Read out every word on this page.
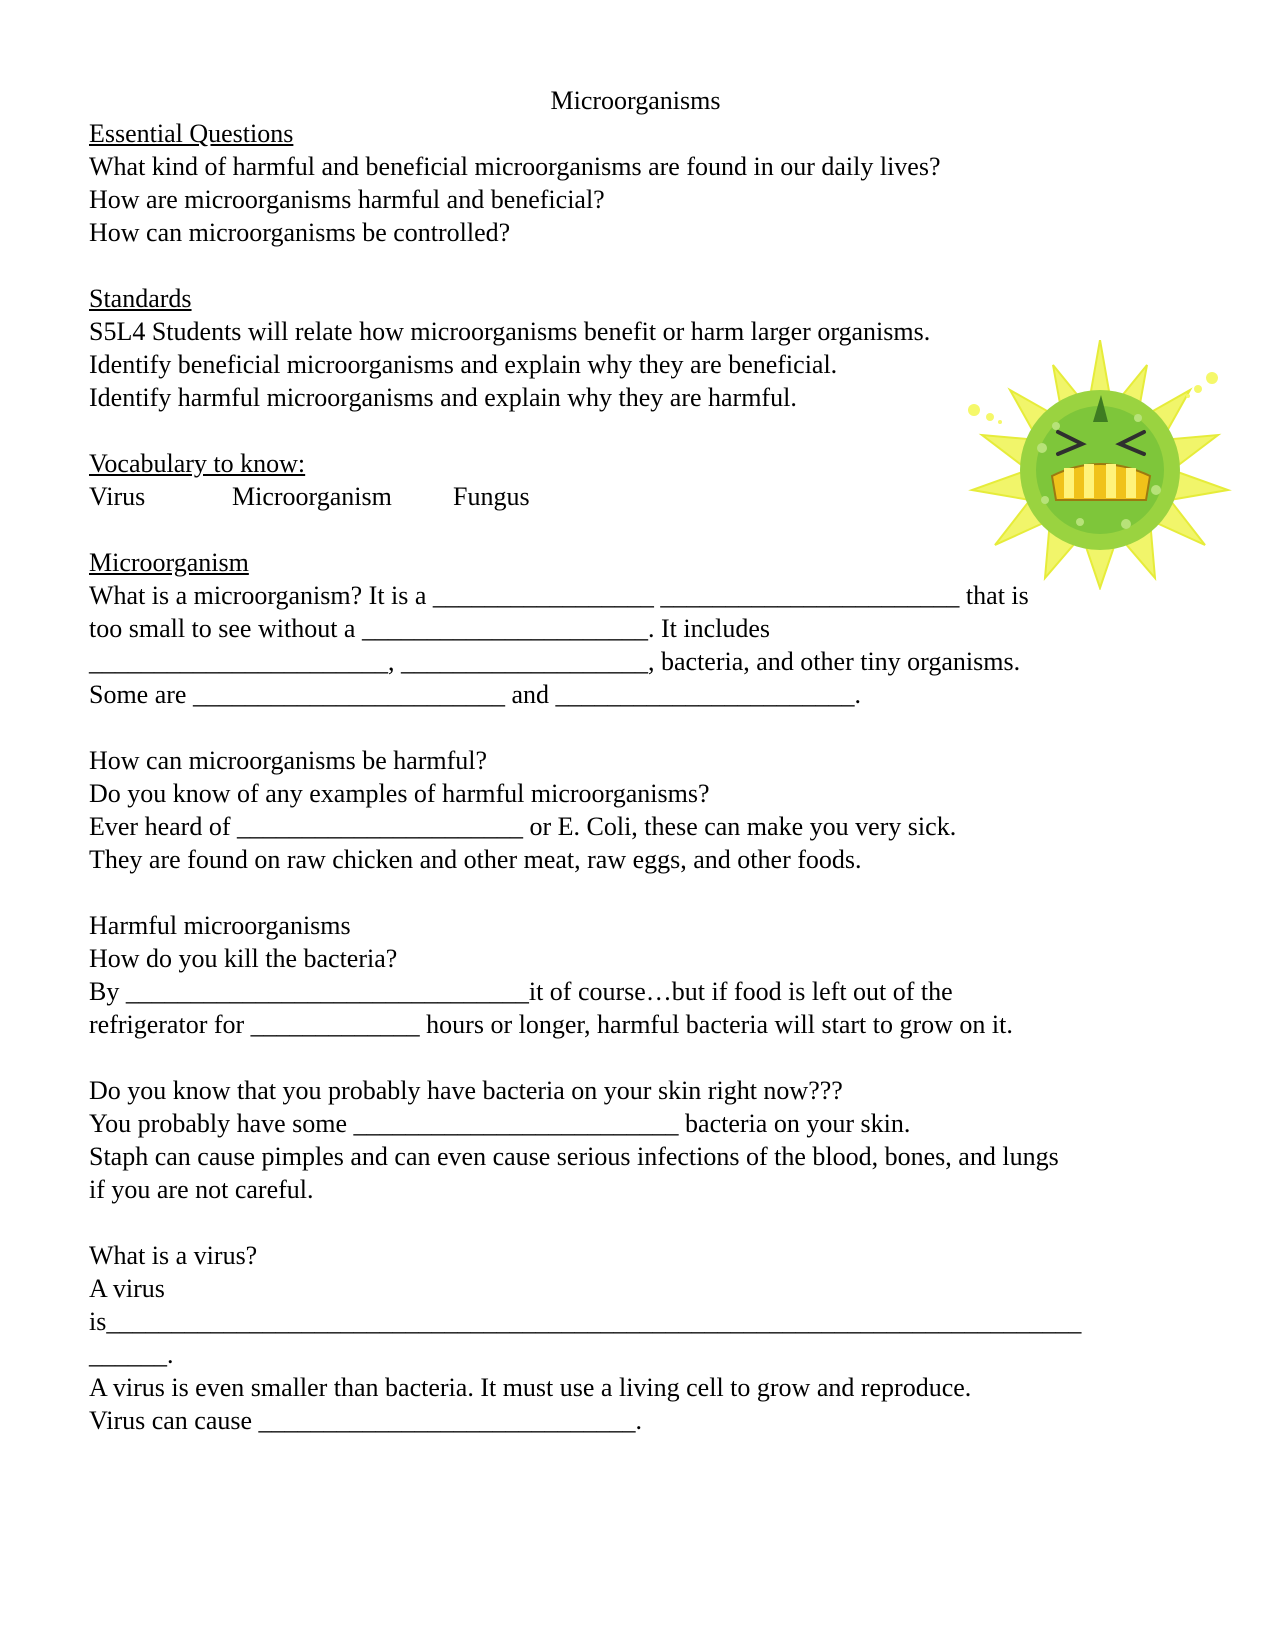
Microorganisms
Essential Questions
What kind of harmful and beneficial microorganisms are found in our daily lives?
How are microorganisms harmful and beneficial?
How can microorganisms be controlled?
Standards
S5L4 Students will relate how microorganisms benefit or harm larger organisms.
Identify beneficial microorganisms and explain why they are beneficial.
Identify harmful microorganisms and explain why they are harmful.
Vocabulary to know:
Virus	Microorganism Fungus
Microorganism
What is a microorganism? It is a _________________ _______________________ that is
too small to see without a ______________________. It includes
_______________________, ___________________, bacteria, and other tiny organisms.
Some are ________________________ and _______________________.
How can microorganisms be harmful?
Do you know of any examples of harmful microorganisms?
Ever heard of ______________________ or E. Coli, these can make you very sick.
They are found on raw chicken and other meat, raw eggs, and other foods.
Harmful microorganisms
How do you kill the bacteria?
By _______________________________it of course…but if food is left out of the
refrigerator for _____________ hours or longer, harmful bacteria will start to grow on it.
Do you know that you probably have bacteria on your skin right now???
You probably have some _________________________ bacteria on your skin.
Staph can cause pimples and can even cause serious infections of the blood, bones, and lungs
if you are not careful.
What is a virus?
A virus
is___________________________________________________________________________
______.
A virus is even smaller than bacteria. It must use a living cell to grow and reproduce.
Virus can cause _____________________________.
